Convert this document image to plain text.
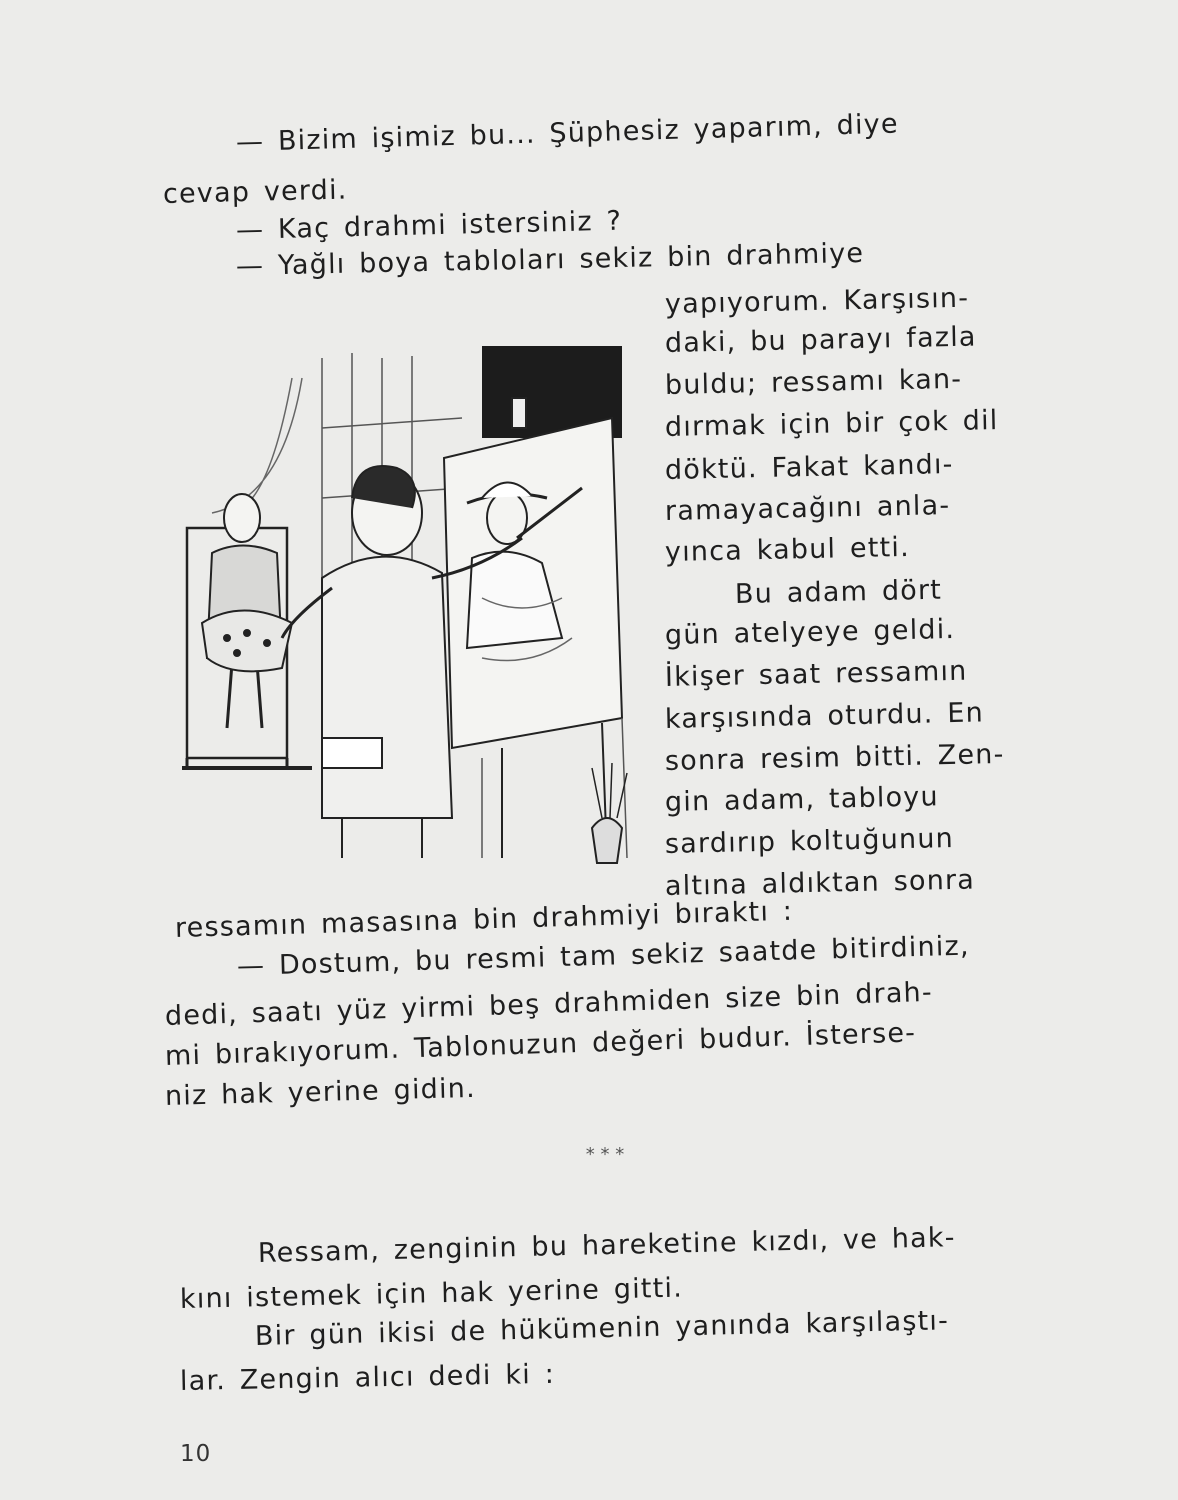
— Bizim işimiz bu... Şüphesiz yaparım, diye
cevap verdi.
— Kaç drahmi istersiniz ?
— Yağlı boya tabloları sekiz bin drahmiye
yapıyorum. Karşısın-
daki, bu parayı fazla
buldu; ressamı kan-
dırmak için bir çok dil
döktü. Fakat kandı-
ramayacağını anla-
yınca kabul etti.
Bu adam dört
gün atelyeye geldi.
İkişer saat ressamın
karşısında oturdu. En
sonra resim bitti. Zen-
gin adam, tabloyu
sardırıp koltuğunun
altına aldıktan sonra
ressamın masasına bin drahmiyi bıraktı :
— Dostum, bu resmi tam sekiz saatde bitirdiniz,
dedi, saatı yüz yirmi beş drahmiden size bin drah-
mi bırakıyorum. Tablonuzun değeri budur. İsterse-
niz hak yerine gidin.
* * *
Ressam, zenginin bu hareketine kızdı, ve hak-
kını istemek için hak yerine gitti.
Bir gün ikisi de hükümenin yanında karşılaştı-
lar. Zengin alıcı dedi ki :
10
